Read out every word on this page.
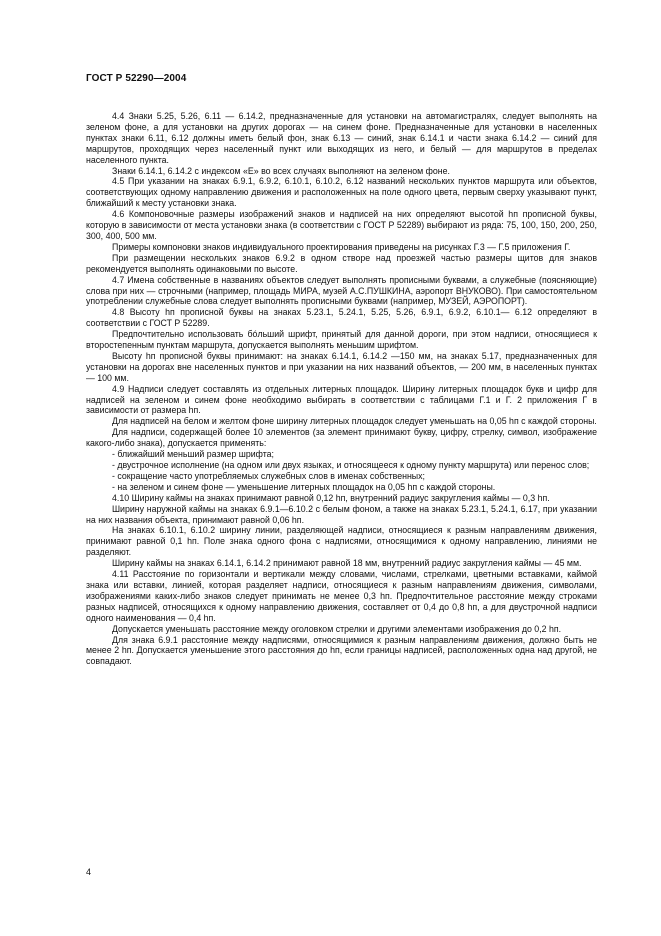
ГОСТ Р 52290—2004

4.4 Знаки 5.25, 5.26, 6.11 — 6.14.2, предназначенные для установки на автомагистралях, следует выполнять на зеленом фоне, а для установки на других дорогах — на синем фоне. Предназначенные для установки в населенных пунктах знаки 6.11, 6.12 должны иметь белый фон, знак 6.13 — синий, знак 6.14.1 и части знака 6.14.2 — синий для маршрутов, проходящих через населенный пункт или выходящих из него, и белый — для маршрутов в пределах населенного пункта.

Знаки 6.14.1, 6.14.2 с индексом «Е» во всех случаях выполняют на зеленом фоне.

4.5 При указании на знаках 6.9.1, 6.9.2, 6.10.1, 6.10.2, 6.12 названий нескольких пунктов маршрута или объектов, соответствующих одному направлению движения и расположенных на поле одного цвета, первым сверху указывают пункт, ближайший к месту установки знака.

4.6 Компоновочные размеры изображений знаков и надписей на них определяют высотой hп прописной буквы, которую в зависимости от места установки знака (в соответствии с ГОСТ Р 52289) выбирают из ряда: 75, 100, 150, 200, 250, 300, 400, 500 мм.

Примеры компоновки знаков индивидуального проектирования приведены на рисунках Г.3 — Г.5 приложения Г.

При размещении нескольких знаков 6.9.2 в одном створе над проезжей частью размеры щитов для знаков рекомендуется выполнять одинаковыми по высоте.

4.7 Имена собственные в названиях объектов следует выполнять прописными буквами, а служебные (поясняющие) слова при них — строчными (например, площадь МИРА, музей А.С.ПУШКИНА, аэропорт ВНУКОВО). При самостоятельном употреблении служебные слова следует выполнять прописными буквами (например, МУЗЕЙ, АЭРОПОРТ).

4.8 Высоту hп прописной буквы на знаках 5.23.1, 5.24.1, 5.25, 5.26, 6.9.1, 6.9.2, 6.10.1— 6.12 определяют в соответствии с ГОСТ Р 52289.

Предпочтительно использовать бóльший шрифт, принятый для данной дороги, при этом надписи, относящиеся к второстепенным пунктам маршрута, допускается выполнять меньшим шрифтом.

Высоту hп прописной буквы принимают: на знаках 6.14.1, 6.14.2 —150 мм, на знаках 5.17, предназначенных для установки на дорогах вне населенных пунктов и при указании на них названий объектов, — 200 мм, в населенных пунктах — 100 мм.

4.9 Надписи следует составлять из отдельных литерных площадок. Ширину литерных площадок букв и цифр для надписей на зеленом и синем фоне необходимо выбирать в соответствии с таблицами Г.1 и Г. 2 приложения Г в зависимости от размера hп.

Для надписей на белом и желтом фоне ширину литерных площадок следует уменьшать на 0,05 hп с каждой стороны.

Для надписи, содержащей более 10 элементов (за элемент принимают букву, цифру, стрелку, символ, изображение какого-либо знака), допускается применять:

- ближайший меньший размер шрифта;

- двустрочное исполнение (на одном или двух языках, и относящееся к одному пункту маршрута) или перенос слов;

- сокращение часто употребляемых служебных слов в именах собственных;

- на зеленом и синем фоне — уменьшение литерных площадок на 0,05 hп с каждой стороны.

4.10 Ширину каймы на знаках принимают равной 0,12 hп, внутренний радиус закругления каймы — 0,3 hп.

Ширину наружной каймы на знаках 6.9.1—6.10.2 с белым фоном, а также на знаках 5.23.1, 5.24.1, 6.17, при указании на них названия объекта, принимают равной 0,06 hп.

На знаках 6.10.1, 6.10.2 ширину линии, разделяющей надписи, относящиеся к разным направлениям движения, принимают равной 0,1 hп. Поле знака одного фона с надписями, относящимися к одному направлению, линиями не разделяют.

Ширину каймы на знаках 6.14.1, 6.14.2 принимают равной 18 мм, внутренний радиус закругления каймы — 45 мм.

4.11 Расстояние по горизонтали и вертикали между словами, числами, стрелками, цветными вставками, каймой знака или вставки, линией, которая разделяет надписи, относящиеся к разным направлениям движения, символами, изображениями каких-либо знаков следует принимать не менее 0,3 hп. Предпочтительное расстояние между строками разных надписей, относящихся к одному направлению движения, составляет от 0,4 до 0,8 hп, а для двустрочной надписи одного наименования — 0,4 hп.

Допускается уменьшать расстояние между оголовком стрелки и другими элементами изображения до 0,2 hп.

Для знака 6.9.1 расстояние между надписями, относящимися к разным направлениям движения, должно быть не менее 2 hп. Допускается уменьшение этого расстояния до hп, если границы надписей, расположенных одна над другой, не совпадают.

4
